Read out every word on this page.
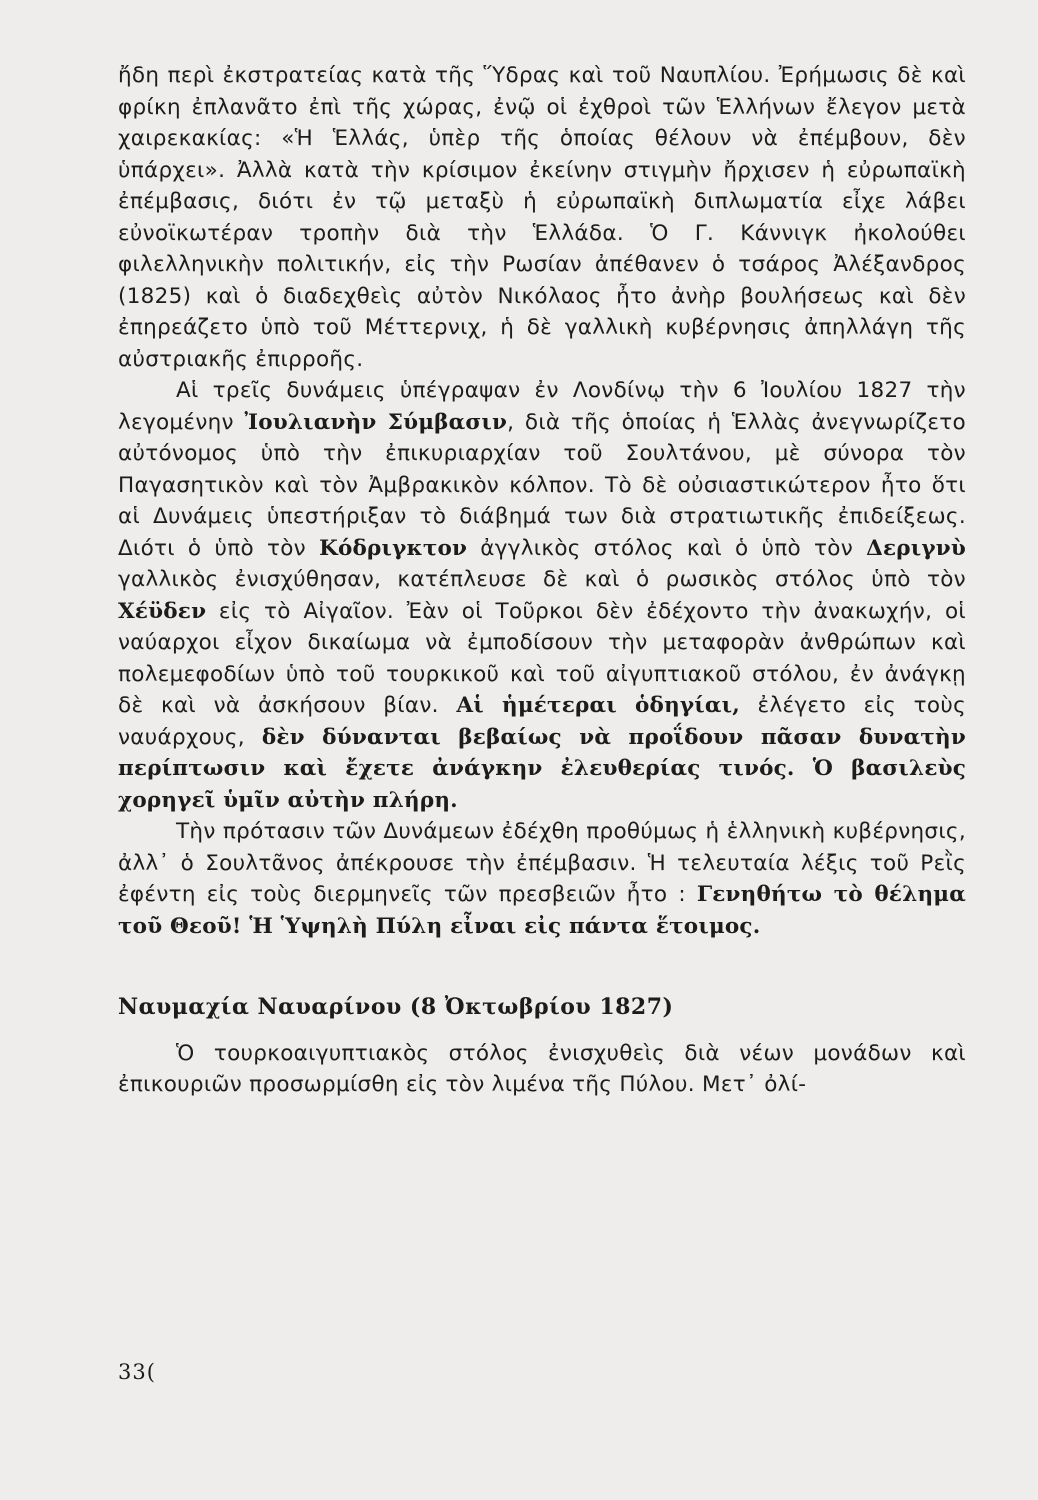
ἤδη περὶ ἐκστρατείας κατὰ τῆς Ὕδρας καὶ τοῦ Ναυπλίου. Ἐρήμωσις δὲ καὶ φρίκη ἐπλανᾶτο ἐπὶ τῆς χώρας, ἐνῷ οἱ ἐχθροὶ τῶν Ἑλλήνων ἔλεγον μετὰ χαιρεκακίας: «Ἡ Ἑλλάς, ὑπὲρ τῆς ὁποίας θέλουν νὰ ἐπέμβουν, δὲν ὑπάρχει». Ἀλλὰ κατὰ τὴν κρίσιμον ἐκείνην στιγμὴν ἤρχισεν ἡ εὐρωπαϊκὴ ἐπέμβασις, διότι ἐν τῷ μεταξὺ ἡ εὐρωπαϊκὴ διπλωματία εἶχε λάβει εὐνοϊκωτέραν τροπὴν διὰ τὴν Ἑλλάδα. Ὁ Γ. Κάννιγκ ἠκολούθει φιλελληνικὴν πολιτικήν, εἰς τὴν Ρωσίαν ἀπέθανεν ὁ τσάρος Ἀλέξανδρος (1825) καὶ ὁ διαδεχθεὶς αὐτὸν Νικόλαος ἦτο ἀνὴρ βουλήσεως καὶ δὲν ἐπηρεάζετο ὑπὸ τοῦ Μέττερνιχ, ἡ δὲ γαλλικὴ κυβέρνησις ἀπηλλάγη τῆς αὐστριακῆς ἐπιρροῆς.

Αἱ τρεῖς δυνάμεις ὑπέγραψαν ἐν Λονδίνῳ τὴν 6 Ἰουλίου 1827 τὴν λεγομένην Ἰουλιανὴν Σύμβασιν, διὰ τῆς ὁποίας ἡ Ἑλλὰς ἀνεγνωρίζετο αὐτόνομος ὑπὸ τὴν ἐπικυριαρχίαν τοῦ Σουλτάνου, μὲ σύνορα τὸν Παγασητικὸν καὶ τὸν Ἀμβρακικὸν κόλπον. Τὸ δὲ οὐσιαστικώτερον ἦτο ὅτι αἱ Δυνάμεις ὑπεστήριξαν τὸ διάβημά των διὰ στρατιωτικῆς ἐπιδείξεως. Διότι ὁ ὑπὸ τὸν Κόδριγκτον ἀγγλικὸς στόλος καὶ ὁ ὑπὸ τὸν Δεριγνὺ γαλλικὸς ἐνισχύθησαν, κατέπλευσε δὲ καὶ ὁ ρωσικὸς στόλος ὑπὸ τὸν Χέϋδεν εἰς τὸ Αἰγαῖον. Ἐὰν οἱ Τοῦρκοι δὲν ἐδέχοντο τὴν ἀνακωχήν, οἱ ναύαρχοι εἶχον δικαίωμα νὰ ἐμποδίσουν τὴν μεταφορὰν ἀνθρώπων καὶ πολεμεφοδίων ὑπὸ τοῦ τουρκικοῦ καὶ τοῦ αἰγυπτιακοῦ στόλου, ἐν ἀνάγκῃ δὲ καὶ νὰ ἀσκήσουν βίαν. Αἱ ἡμέτεραι ὁδηγίαι, ἐλέγετο εἰς τοὺς ναυάρχους, δὲν δύνανται βεβαίως νὰ προΐδουν πᾶσαν δυνατὴν περίπτωσιν καὶ ἔχετε ἀνάγκην ἐλευθερίας τινός. Ὁ βασιλεὺς χορηγεῖ ὑμῖν αὐτὴν πλήρη.

Τὴν πρότασιν τῶν Δυνάμεων ἐδέχθη προθύμως ἡ ἑλληνικὴ κυβέρνησις, ἀλλ᾽ ὁ Σουλτᾶνος ἀπέκρουσε τὴν ἐπέμβασιν. Ἡ τελευταία λέξις τοῦ Ρεῒς ἐφέντη εἰς τοὺς διερμηνεῖς τῶν πρεσβειῶν ἦτο : Γενηθήτω τὸ θέλημα τοῦ Θεοῦ! Ἡ Ὑψηλὴ Πύλη εἶναι εἰς πάντα ἕτοιμος.

Ναυμαχία Ναυαρίνου (8 Ὀκτωβρίου 1827)

Ὁ τουρκοαιγυπτιακὸς στόλος ἐνισχυθεὶς διὰ νέων μονάδων καὶ ἐπικουριῶν προσωρμίσθη εἰς τὸν λιμένα τῆς Πύλου. Μετ᾽ ὀλί-

33(
